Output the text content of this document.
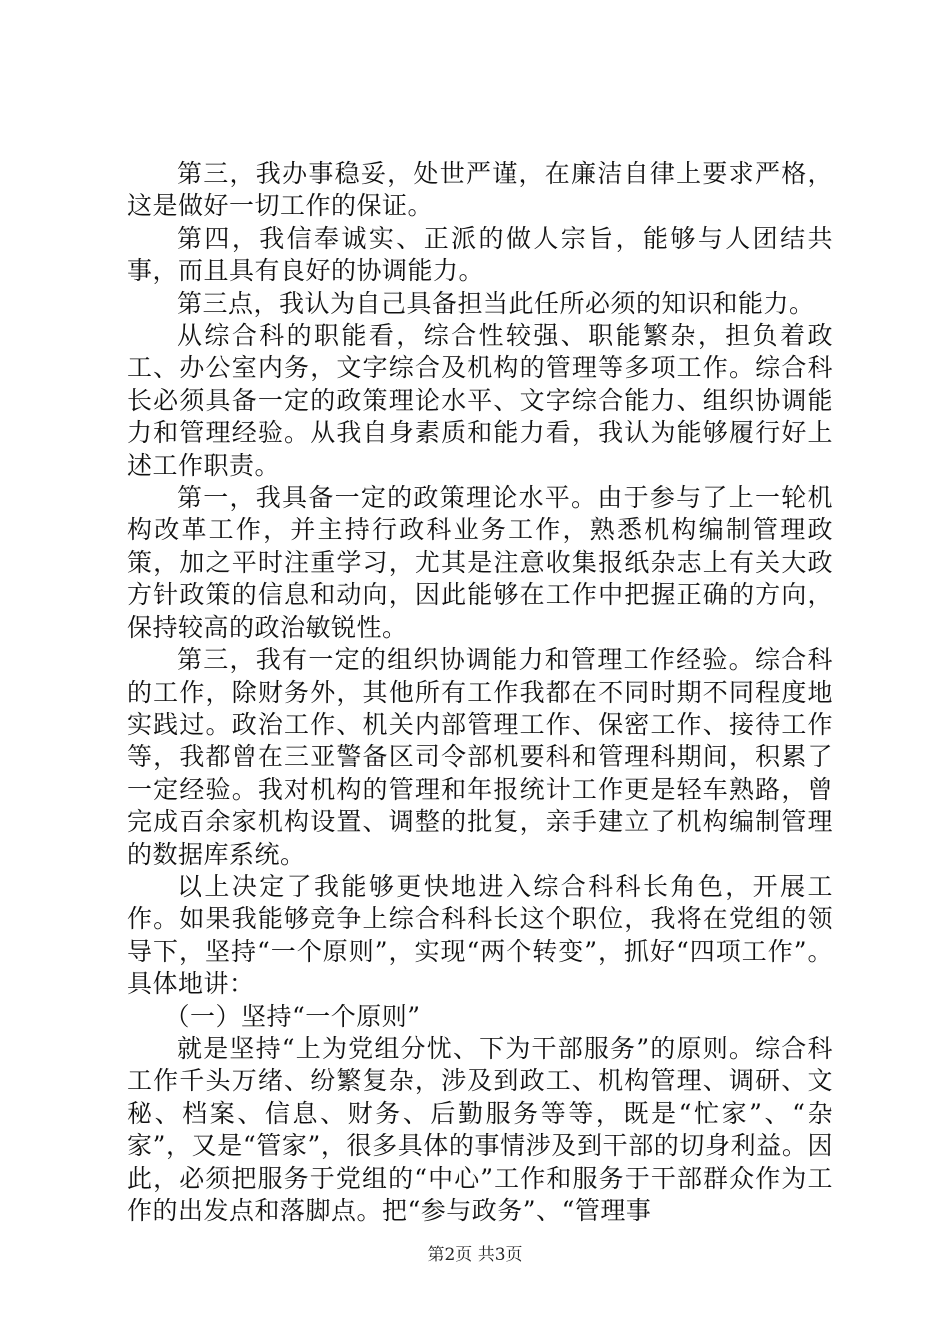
第三，我办事稳妥，处世严谨，在廉洁自律上要求严格，这是做好一切工作的保证。

第四，我信奉诚实、正派的做人宗旨，能够与人团结共事，而且具有良好的协调能力。

第三点，我认为自己具备担当此任所必须的知识和能力。

从综合科的职能看，综合性较强、职能繁杂，担负着政工、办公室内务，文字综合及机构的管理等多项工作。综合科长必须具备一定的政策理论水平、文字综合能力、组织协调能力和管理经验。从我自身素质和能力看，我认为能够履行好上述工作职责。

第一，我具备一定的政策理论水平。由于参与了上一轮机构改革工作，并主持行政科业务工作，熟悉机构编制管理政策，加之平时注重学习，尤其是注意收集报纸杂志上有关大政方针政策的信息和动向，因此能够在工作中把握正确的方向，保持较高的政治敏锐性。

第三，我有一定的组织协调能力和管理工作经验。综合科的工作，除财务外，其他所有工作我都在不同时期不同程度地实践过。政治工作、机关内部管理工作、保密工作、接待工作等，我都曾在三亚警备区司令部机要科和管理科期间，积累了一定经验。我对机构的管理和年报统计工作更是轻车熟路，曾完成百余家机构设置、调整的批复，亲手建立了机构编制管理的数据库系统。

以上决定了我能够更快地进入综合科科长角色，开展工作。如果我能够竞争上综合科科长这个职位，我将在党组的领导下，坚持“一个原则”，实现“两个转变”，抓好“四项工作”。具体地讲：

（一）坚持“一个原则”

就是坚持“上为党组分忧、下为干部服务”的原则。综合科工作千头万绪、纷繁复杂，涉及到政工、机构管理、调研、文秘、档案、信息、财务、后勤服务等等，既是“忙家”、“杂家”，又是“管家”，很多具体的事情涉及到干部的切身利益。因此，必须把服务于党组的“中心”工作和服务于干部群众作为工作的出发点和落脚点。把“参与政务”、“管理事

第2页 共3页
